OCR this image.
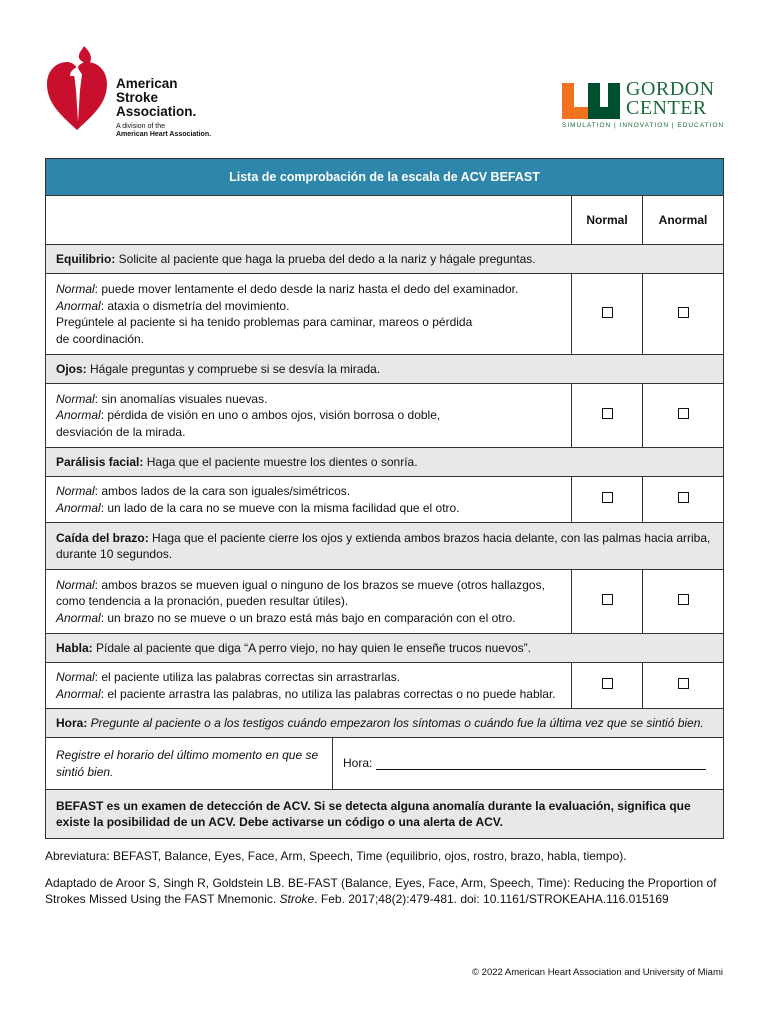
American
Stroke
Association.
A division of the
American Heart Association.
GORDON
CENTER
SIMULATION | INNOVATION | EDUCATION
Lista de comprobación de la escala de ACV BEFAST		
	Normal	Anormal
Equilibrio: Solicite al paciente que haga la prueba del dedo a la nariz y hágale preguntas.		

Normal: puede mover lentamente el dedo desde la nariz hasta el dedo del examinador.
Anormal: ataxia o dismetría del movimiento.
Pregúntele al paciente si ha tenido problemas para caminar, mareos o pérdida
de coordinación.		

Ojos: Hágale preguntas y compruebe si se desvía la mirada.		

Normal: sin anomalías visuales nuevas.
Anormal: pérdida de visión en uno o ambos ojos, visión borrosa o doble,
desviación de la mirada.		

Parálisis facial: Haga que el paciente muestre los dientes o sonría.		

Normal: ambos lados de la cara son iguales/simétricos.
Anormal: un lado de la cara no se mueve con la misma facilidad que el otro.		

Caída del brazo: Haga que el paciente cierre los ojos y extienda ambos brazos hacia delante, con las palmas hacia arriba, durante 10 segundos.		

Normal: ambos brazos se mueven igual o ninguno de los brazos se mueve (otros hallazgos, como tendencia a la pronación, pueden resultar útiles).
Anormal: un brazo no se mueve o un brazo está más bajo en comparación con el otro.		

Habla: Pídale al paciente que diga “A perro viejo, no hay quien le enseñe trucos nuevos”.		

Normal: el paciente utiliza las palabras correctas sin arrastrarlas.
Anormal: el paciente arrastra las palabras, no utiliza las palabras correctas o no puede hablar.		

Hora: Pregunte al paciente o a los testigos cuándo empezaron los síntomas o cuándo fue la última vez que se sintió bien.		

Registre el horario del último momento en que se sintió bien.
Hora:		

BEFAST es un examen de detección de ACV. Si se detecta alguna anomalía durante la evaluación, significa que existe la posibilidad de un ACV. Debe activarse un código o una alerta de ACV.		
Abreviatura: BEFAST, Balance, Eyes, Face, Arm, Speech, Time (equilibrio, ojos, rostro, brazo, habla, tiempo).
Adaptado de Aroor S, Singh R, Goldstein LB. BE-FAST (Balance, Eyes, Face, Arm, Speech, Time): Reducing the Proportion of Strokes Missed Using the FAST Mnemonic. Stroke. Feb. 2017;48(2):479-481. doi: 10.1161/STROKEAHA.116.015169
© 2022 American Heart Association and University of Miami
